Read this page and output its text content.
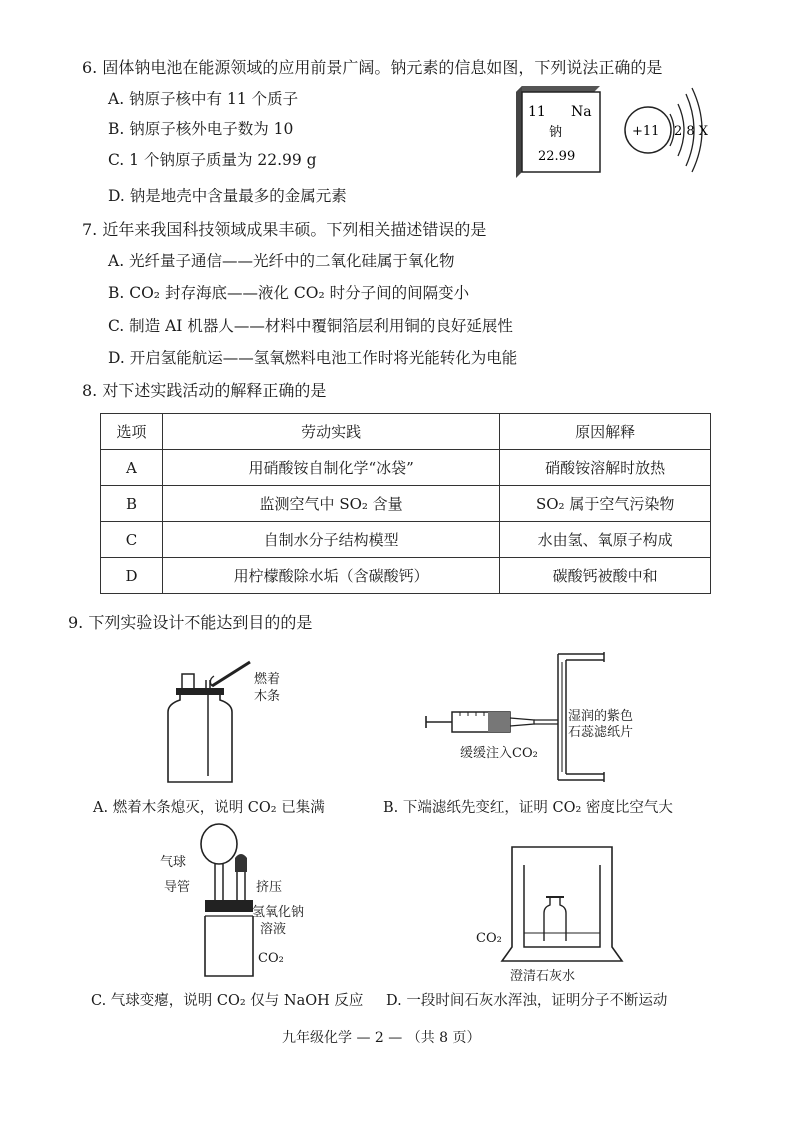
6. 固体钠电池在能源领域的应用前景广阔。钠元素的信息如图，下列说法正确的是
A. 钠原子核中有 11 个质子
B. 钠原子核外电子数为 10
C. 1 个钠原子质量为 22.99 g
D. 钠是地壳中含量最多的金属元素
11 Na
钠
22.99
+11 2 8 X
7. 近年来我国科技领域成果丰硕。下列相关描述错误的是
A. 光纤量子通信——光纤中的二氧化硅属于氧化物
B. CO₂ 封存海底——液化 CO₂ 时分子间的间隔变小
C. 制造 AI 机器人——材料中覆铜箔层利用铜的良好延展性
D. 开启氢能航运——氢氧燃料电池工作时将光能转化为电能
8. 对下述实践活动的解释正确的是
选项	劳动实践	原因解释
A	用硝酸铵自制化学“冰袋”	硝酸铵溶解时放热
B	监测空气中 SO₂ 含量	SO₂ 属于空气污染物
C	自制水分子结构模型	水由氢、氧原子构成
D	用柠檬酸除水垢（含碳酸钙）	碳酸钙被酸中和
9. 下列实验设计不能达到目的的是
燃着
木条
A. 燃着木条熄灭，说明 CO₂ 已集满
湿润的紫色
石蕊滤纸片
缓缓注入CO₂
B. 下端滤纸先变红，证明 CO₂ 密度比空气大
气球
导管	挤压
氢氧化钠
溶液
CO₂
C. 气球变瘪，说明 CO₂ 仅与 NaOH 反应
CO₂
澄清石灰水
D. 一段时间石灰水浑浊，证明分子不断运动
九年级化学 — 2 — （共 8 页）
